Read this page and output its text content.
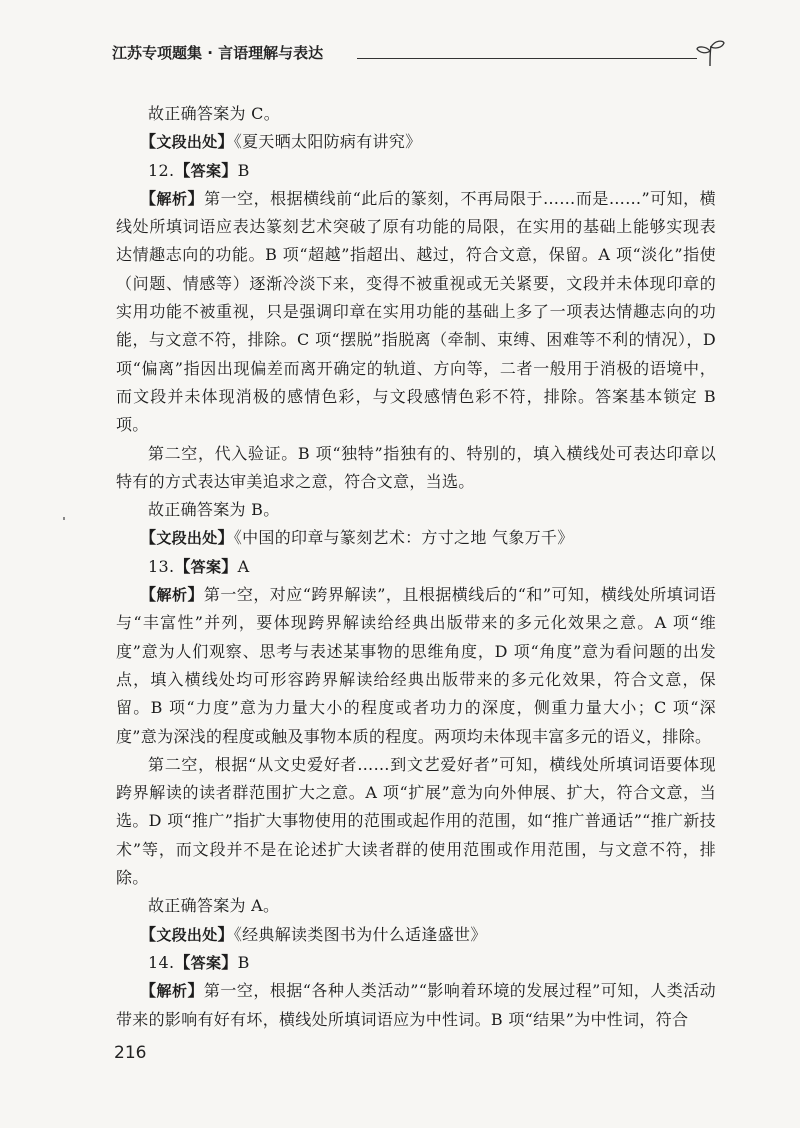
江苏专项题集 · 言语理解与表达

故正确答案为 C。

【文段出处】《夏天晒太阳防病有讲究》

12.【答案】B

【解析】第一空，根据横线前“此后的篆刻，不再局限于……而是……”可知，横线处所填词语应表达篆刻艺术突破了原有功能的局限，在实用的基础上能够实现表达情趣志向的功能。B 项“超越”指超出、越过，符合文意，保留。A 项“淡化”指使（问题、情感等）逐渐冷淡下来，变得不被重视或无关紧要，文段并未体现印章的实用功能不被重视，只是强调印章在实用功能的基础上多了一项表达情趣志向的功能，与文意不符，排除。C 项“摆脱”指脱离（牵制、束缚、困难等不利的情况），D 项“偏离”指因出现偏差而离开确定的轨道、方向等，二者一般用于消极的语境中，而文段并未体现消极的感情色彩，与文段感情色彩不符，排除。答案基本锁定 B 项。

第二空，代入验证。B 项“独特”指独有的、特别的，填入横线处可表达印章以特有的方式表达审美追求之意，符合文意，当选。

故正确答案为 B。

【文段出处】《中国的印章与篆刻艺术：方寸之地 气象万千》

13.【答案】A

【解析】第一空，对应“跨界解读”，且根据横线后的“和”可知，横线处所填词语与“丰富性”并列，要体现跨界解读给经典出版带来的多元化效果之意。A 项“维度”意为人们观察、思考与表述某事物的思维角度，D 项“角度”意为看问题的出发点，填入横线处均可形容跨界解读给经典出版带来的多元化效果，符合文意，保留。B 项“力度”意为力量大小的程度或者功力的深度，侧重力量大小；C 项“深度”意为深浅的程度或触及事物本质的程度。两项均未体现丰富多元的语义，排除。

第二空，根据“从文史爱好者……到文艺爱好者”可知，横线处所填词语要体现跨界解读的读者群范围扩大之意。A 项“扩展”意为向外伸展、扩大，符合文意，当选。D 项“推广”指扩大事物使用的范围或起作用的范围，如“推广普通话”“推广新技术”等，而文段并不是在论述扩大读者群的使用范围或作用范围，与文意不符，排除。

故正确答案为 A。

【文段出处】《经典解读类图书为什么适逢盛世》

14.【答案】B

【解析】第一空，根据“各种人类活动”“影响着环境的发展过程”可知，人类活动带来的影响有好有坏，横线处所填词语应为中性词。B 项“结果”为中性词，符合

216
